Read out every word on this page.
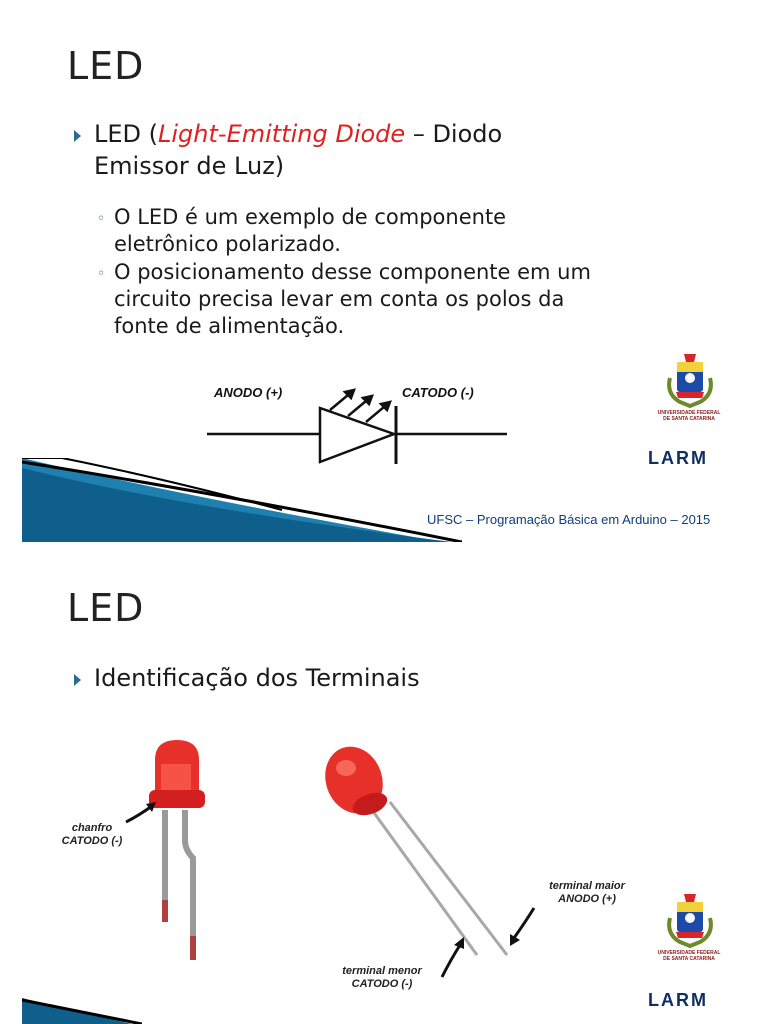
LED
LED (Light-Emitting Diode – Diodo
Emissor de Luz)
◦ O LED é um exemplo de componente
eletrônico polarizado.
◦ O posicionamento desse componente em um
circuito precisa levar em conta os polos da
fonte de alimentação.
ANODO (+)	CATODO (-)
UNIVERSIDADE FEDERAL
DE SANTA CATARINA
LARM
UFSC – Programação Básica em Arduino – 2015
LED
Identificação dos Terminais
chanfro
CATODO (-)
terminal maior
ANODO (+)
terminal menor
CATODO (-)
UNIVERSIDADE FEDERAL
DE SANTA CATARINA
LARM
